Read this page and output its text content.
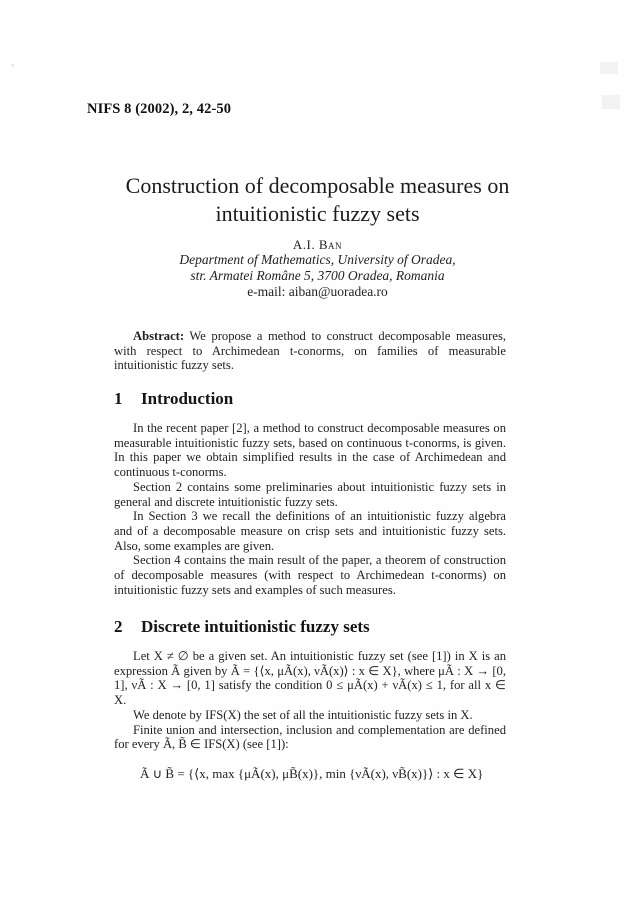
NIFS 8 (2002), 2, 42-50
Construction of decomposable measures on
intuitionistic fuzzy sets
A.I. Ban
Department of Mathematics, University of Oradea,
str. Armatei Române 5, 3700 Oradea, Romania
e-mail: aiban@uoradea.ro

Abstract: We propose a method to construct decomposable measures, with respect to Archimedean t-conorms, on families of measurable intuitionistic fuzzy sets.

1 Introduction

In the recent paper [2], a method to construct decomposable measures on measurable intuitionistic fuzzy sets, based on continuous t-conorms, is given. In this paper we obtain simplified results in the case of Archimedean and continuous t-conorms.

Section 2 contains some preliminaries about intuitionistic fuzzy sets in general and discrete intuitionistic fuzzy sets.

In Section 3 we recall the definitions of an intuitionistic fuzzy algebra and of a decomposable measure on crisp sets and intuitionistic fuzzy sets. Also, some examples are given.

Section 4 contains the main result of the paper, a theorem of construction of decomposable measures (with respect to Archimedean t-conorms) on intuitionistic fuzzy sets and examples of such measures.

2 Discrete intuitionistic fuzzy sets

Let X ≠ ∅ be a given set. An intuitionistic fuzzy set (see [1]) in X is an expression Ã given by Ã = {⟨x, μÃ(x), νÃ(x)⟩ : x ∈ X}, where μÃ : X → [0, 1], νÃ : X → [0, 1] satisfy the condition 0 ≤ μÃ(x) + νÃ(x) ≤ 1, for all x ∈ X.

We denote by IFS(X) the set of all the intuitionistic fuzzy sets in X.

Finite union and intersection, inclusion and complementation are defined for every Ã, B̃ ∈ IFS(X) (see [1]):

Ã ∪ B̃ = {⟨x, max {μÃ(x), μB̃(x)}, min {νÃ(x), νB̃(x)}⟩ : x ∈ X}
